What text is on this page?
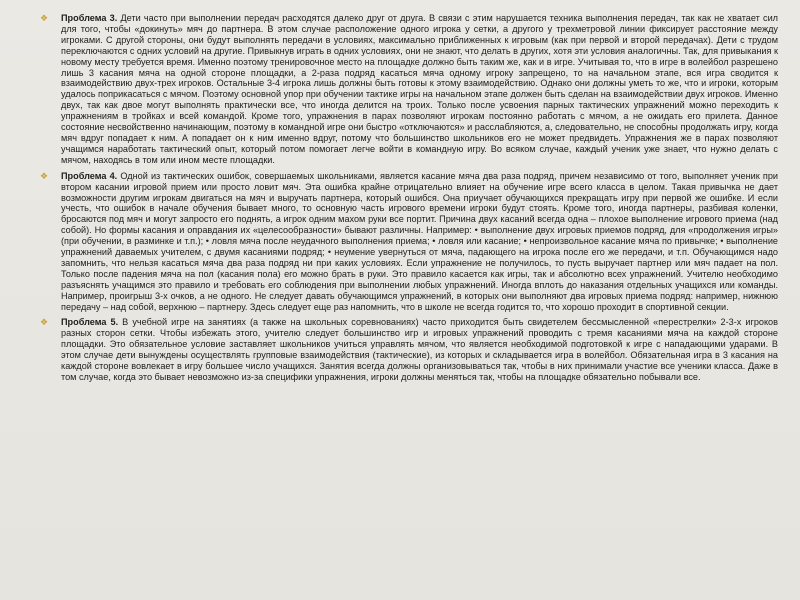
❖ Проблема 3. Дети часто при выполнении передач расходятся далеко друг от друга. В связи с этим нарушается техника выполнения передач, так как не хватает сил для того, чтобы «докинуть» мяч до партнера. В этом случае расположение одного игрока у сетки, а другого у трехметровой линии фиксирует расстояние между игроками. С другой стороны, они будут выполнять передачи в условиях, максимально приближенных к игровым (как при первой и второй передачах). Дети с трудом переключаются с одних условий на другие. Привыкнув играть в одних условиях, они не знают, что делать в других, хотя эти условия аналогичны. Так, для привыкания к новому месту требуется время. Именно поэтому тренировочное место на площадке должно быть таким же, как и в игре. Учитывая то, что в игре в волейбол разрешено лишь 3 касания мяча на одной стороне площадки, а 2-раза подряд касаться мяча одному игроку запрещено, то на начальном этапе, вся игра сводится к взаимодействию двух-трех игроков. Остальные 3-4 игрока лишь должны быть готовы к этому взаимодействию. Однако они должны уметь то же, что и игроки, которым удалось поприкасаться с мячом. Поэтому основной упор при обучении тактике игры на начальном этапе должен быть сделан на взаимодействии двух игроков. Именно двух, так как двое могут выполнять практически все, что иногда делится на троих. Только после усвоения парных тактических упражнений можно переходить к упражнениям в тройках и всей командой. Кроме того, упражнения в парах позволяют игрокам постоянно работать с мячом, а не ожидать его прилета. Данное состояние несвойственно начинающим, поэтому в командной игре они быстро «отключаются» и расслабляются, а, следовательно, не способны продолжать игру, когда мяч вдруг попадает к ним. А попадает он к ним именно вдруг, потому что большинство школьников его не может предвидеть. Упражнения же в парах позволяют учащимся наработать тактический опыт, который потом помогает легче войти в командную игру. Во всяком случае, каждый ученик уже знает, что нужно делать с мячом, находясь в том или ином месте площадки.

❖ Проблема 4. Одной из тактических ошибок, совершаемых школьниками, является касание мяча два раза подряд, причем независимо от того, выполняет ученик при втором касании игровой прием или просто ловит мяч. Эта ошибка крайне отрицательно влияет на обучение игре всего класса в целом. Такая привычка не дает возможности другим игрокам двигаться на мяч и выручать партнера, который ошибся. Она приучает обучающихся прекращать игру при первой же ошибке. И если учесть, что ошибок в начале обучения бывает много, то основную часть игрового времени игроки будут стоять. Кроме того, иногда партнеры, разбивая коленки, бросаются под мяч и могут запросто его поднять, а игрок одним махом руки все портит. Причина двух касаний всегда одна – плохое выполнение игрового приема (над собой). Но формы касания и оправдания их «целесообразности» бывают различны. Например: • выполнение двух игровых приемов подряд, для «продолжения игры» (при обучении, в разминке и т.п.); • ловля мяча после неудачного выполнения приема; • ловля или касание; • непроизвольное касание мяча по привычке; • выполнение упражнений даваемых учителем, с двумя касаниями подряд; • неумение увернуться от мяча, падающего на игрока после его же передачи, и т.п. Обучающимся надо запомнить, что нельзя касаться мяча два раза подряд ни при каких условиях. Если упражнение не получилось, то пусть выручает партнер или мяч падает на пол. Только после падения мяча на пол (касания пола) его можно брать в руки. Это правило касается как игры, так и абсолютно всех упражнений. Учителю необходимо разъяснять учащимся это правило и требовать его соблюдения при выполнении любых упражнений. Иногда вплоть до наказания отдельных учащихся или команды. Например, проигрыш 3-х очков, а не одного. Не следует давать обучающимся упражнений, в которых они выполняют два игровых приема подряд: например, нижнюю передачу – над собой, верхнюю – партнеру. Здесь следует еще раз напомнить, что в школе не всегда годится то, что хорошо проходит в спортивной секции.

❖ Проблема 5. В учебной игре на занятиях (а также на школьных соревнованиях) часто приходится быть свидетелем бессмысленной «перестрелки» 2-3-х игроков разных сторон сетки. Чтобы избежать этого, учителю следует большинство игр и игровых упражнений проводить с тремя касаниями мяча на каждой стороне площадки. Это обязательное условие заставляет школьников учиться управлять мячом, что является необходимой подготовкой к игре с нападающими ударами. В этом случае дети вынуждены осуществлять групповые взаимодействия (тактические), из которых и складывается игра в волейбол. Обязательная игра в 3 касания на каждой стороне вовлекает в игру большее число учащихся. Занятия всегда должны организовываться так, чтобы в них принимали участие все ученики класса. Даже в том случае, когда это бывает невозможно из-за специфики упражнения, игроки должны меняться так, чтобы на площадке обязательно побывали все.
